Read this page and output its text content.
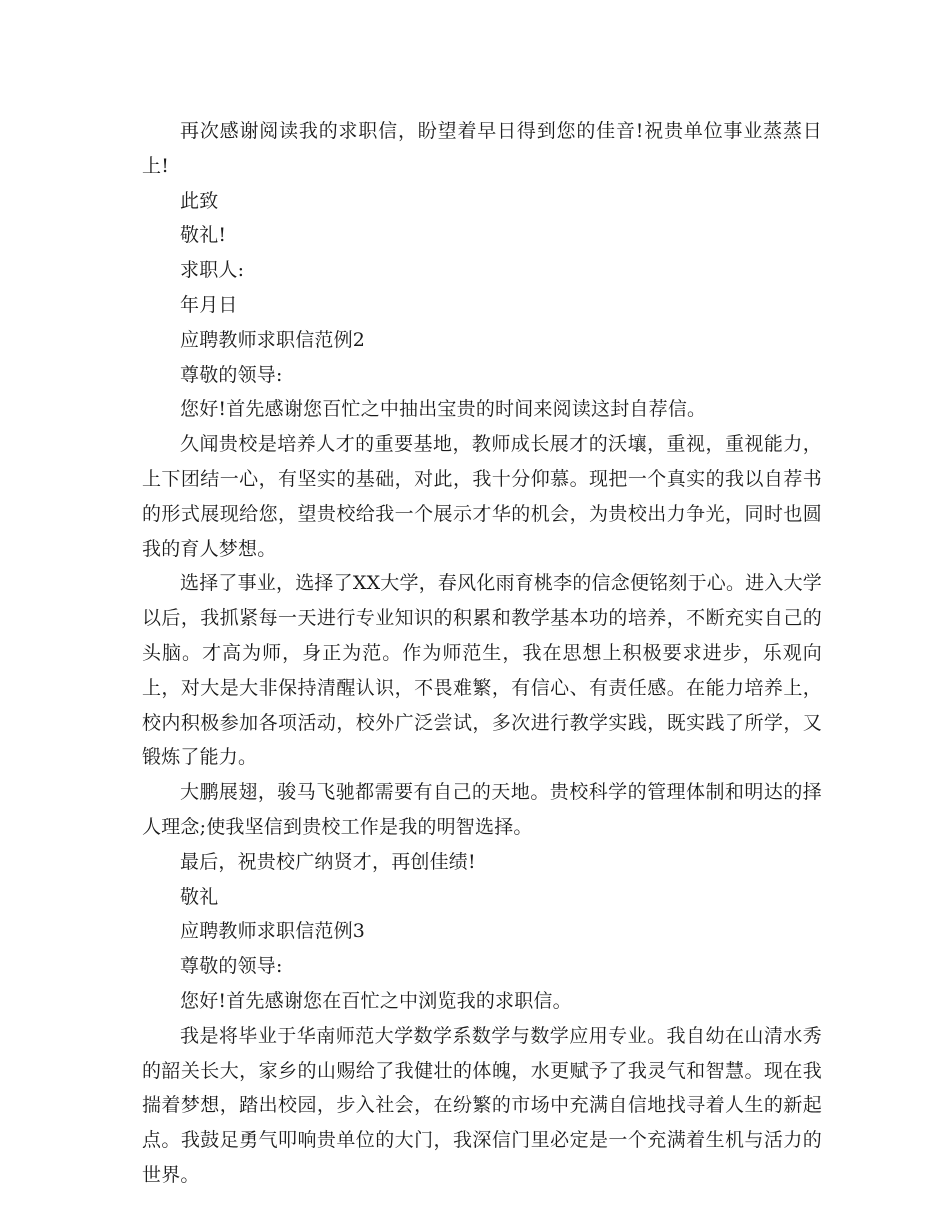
再次感谢阅读我的求职信，盼望着早日得到您的佳音!祝贵单位事业蒸蒸日上!

此致

敬礼!

求职人:

年月日

应聘教师求职信范例2

尊敬的领导:

您好!首先感谢您百忙之中抽出宝贵的时间来阅读这封自荐信。

久闻贵校是培养人才的重要基地，教师成长展才的沃壤，重视，重视能力，上下团结一心，有坚实的基础，对此，我十分仰慕。现把一个真实的我以自荐书的形式展现给您，望贵校给我一个展示才华的机会，为贵校出力争光，同时也圆我的育人梦想。

选择了事业，选择了XX大学，春风化雨育桃李的信念便铭刻于心。进入大学以后，我抓紧每一天进行专业知识的积累和教学基本功的培养，不断充实自己的头脑。才高为师，身正为范。作为师范生，我在思想上积极要求进步，乐观向上，对大是大非保持清醒认识，不畏难繁，有信心、有责任感。在能力培养上，校内积极参加各项活动，校外广泛尝试，多次进行教学实践，既实践了所学，又锻炼了能力。

大鹏展翅，骏马飞驰都需要有自己的天地。贵校科学的管理体制和明达的择人理念;使我坚信到贵校工作是我的明智选择。

最后，祝贵校广纳贤才，再创佳绩!

敬礼

应聘教师求职信范例3

尊敬的领导:

您好!首先感谢您在百忙之中浏览我的求职信。

我是将毕业于华南师范大学数学系数学与数学应用专业。我自幼在山清水秀的韶关长大，家乡的山赐给了我健壮的体魄，水更赋予了我灵气和智慧。现在我揣着梦想，踏出校园，步入社会，在纷繁的市场中充满自信地找寻着人生的新起点。我鼓足勇气叩响贵单位的大门，我深信门里必定是一个充满着生机与活力的世界。
